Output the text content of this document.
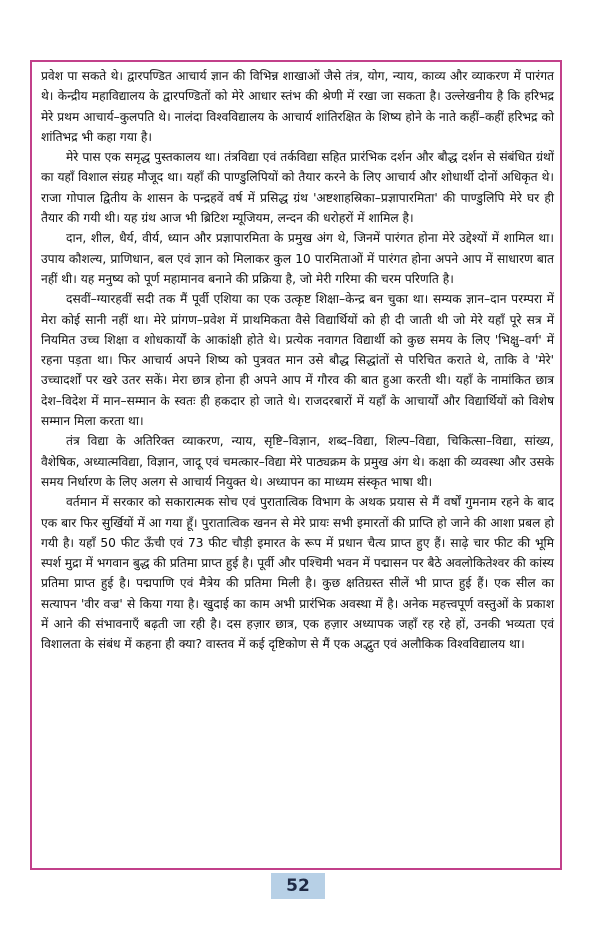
प्रवेश पा सकते थे। द्वारपण्डित आचार्य ज्ञान की विभिन्न शाखाओं जैसे तंत्र, योग, न्याय, काव्य और व्याकरण में पारंगत थे। केन्द्रीय महाविद्यालय के द्वारपण्डितों को मेरे आधार स्तंभ की श्रेणी में रखा जा सकता है। उल्लेखनीय है कि हरिभद्र मेरे प्रथम आचार्य–कुलपति थे। नालंदा विश्वविद्यालय के आचार्य शांतिरक्षित के शिष्य होने के नाते कहीं–कहीं हरिभद्र को शांतिभद्र भी कहा गया है।

मेरे पास एक समृद्ध पुस्तकालय था। तंत्रविद्या एवं तर्कविद्या सहित प्रारंभिक दर्शन और बौद्ध दर्शन से संबंधित ग्रंथों का यहाँ विशाल संग्रह मौजूद था। यहाँ की पाण्डुलिपियों को तैयार करने के लिए आचार्य और शोधार्थी दोनों अधिकृत थे। राजा गोपाल द्वितीय के शासन के पन्द्रहवें वर्ष में प्रसिद्ध ग्रंथ 'अष्टशाहस्रिका–प्रज्ञापारमिता' की पाण्डुलिपि मेरे घर ही तैयार की गयी थी। यह ग्रंथ आज भी ब्रिटिश म्यूजियम, लन्दन की धरोहरों में शामिल है।

दान, शील, धैर्य, वीर्य, ध्यान और प्रज्ञापारमिता के प्रमुख अंग थे, जिनमें पारंगत होना मेरे उद्देश्यों में शामिल था। उपाय कौशल्य, प्राणिधान, बल एवं ज्ञान को मिलाकर कुल 10 पारमिताओं में पारंगत होना अपने आप में साधारण बात नहीं थी। यह मनुष्य को पूर्ण महामानव बनाने की प्रक्रिया है, जो मेरी गरिमा की चरम परिणति है।

दसवीं–ग्यारहवीं सदी तक मैं पूर्वी एशिया का एक उत्कृष्ट शिक्षा–केन्द्र बन चुका था। सम्यक ज्ञान–दान परम्परा में मेरा कोई सानी नहीं था। मेरे प्रांगण–प्रवेश में प्राथमिकता वैसे विद्यार्थियों को ही दी जाती थी जो मेरे यहाँ पूरे सत्र में नियमित उच्च शिक्षा व शोधकार्यों के आकांक्षी होते थे। प्रत्येक नवागत विद्यार्थी को कुछ समय के लिए 'भिक्षु–वर्ग' में रहना पड़ता था। फिर आचार्य अपने शिष्य को पुत्रवत मान उसे बौद्ध सिद्धांतों से परिचित कराते थे, ताकि वे 'मेरे' उच्चादर्शों पर खरे उतर सकें। मेरा छात्र होना ही अपने आप में गौरव की बात हुआ करती थी। यहाँ के नामांकित छात्र देश–विदेश में मान–सम्मान के स्वतः ही हकदार हो जाते थे। राजदरबारों में यहाँ के आचार्यों और विद्यार्थियों को विशेष सम्मान मिला करता था।

तंत्र विद्या के अतिरिक्त व्याकरण, न्याय, सृष्टि–विज्ञान, शब्द–विद्या, शिल्प–विद्या, चिकित्सा–विद्या, सांख्य, वैशेषिक, अध्यात्मविद्या, विज्ञान, जादू एवं चमत्कार–विद्या मेरे पाठ्यक्रम के प्रमुख अंग थे। कक्षा की व्यवस्था और उसके समय निर्धारण के लिए अलग से आचार्य नियुक्त थे। अध्यापन का माध्यम संस्कृत भाषा थी।

वर्तमान में सरकार को सकारात्मक सोच एवं पुरातात्विक विभाग के अथक प्रयास से मैं वर्षों गुमनाम रहने के बाद एक बार फिर सुर्खियों में आ गया हूँ। पुरातात्विक खनन से मेरे प्रायः सभी इमारतों की प्राप्ति हो जाने की आशा प्रबल हो गयी है। यहाँ 50 फीट ऊँची एवं 73 फीट चौड़ी इमारत के रूप में प्रधान चैत्य प्राप्त हुए हैं। साढ़े चार फीट की भूमि स्पर्श मुद्रा में भगवान बुद्ध की प्रतिमा प्राप्त हुई है। पूर्वी और पश्चिमी भवन में पद्मासन पर बैठे अवलोकितेश्वर की कांस्य प्रतिमा प्राप्त हुई है। पद्मपाणि एवं मैत्रेय की प्रतिमा मिली है। कुछ क्षतिग्रस्त सीलें भी प्राप्त हुई हैं। एक सील का सत्यापन 'वीर वज्र' से किया गया है। खुदाई का काम अभी प्रारंभिक अवस्था में है। अनेक महत्त्वपूर्ण वस्तुओं के प्रकाश में आने की संभावनाएँ बढ़ती जा रही है। दस हज़ार छात्र, एक हज़ार अध्यापक जहाँ रह रहे हों, उनकी भव्यता एवं विशालता के संबंध में कहना ही क्या? वास्तव में कई दृष्टिकोण से मैं एक अद्भुत एवं अलौकिक विश्वविद्यालय था।

52
